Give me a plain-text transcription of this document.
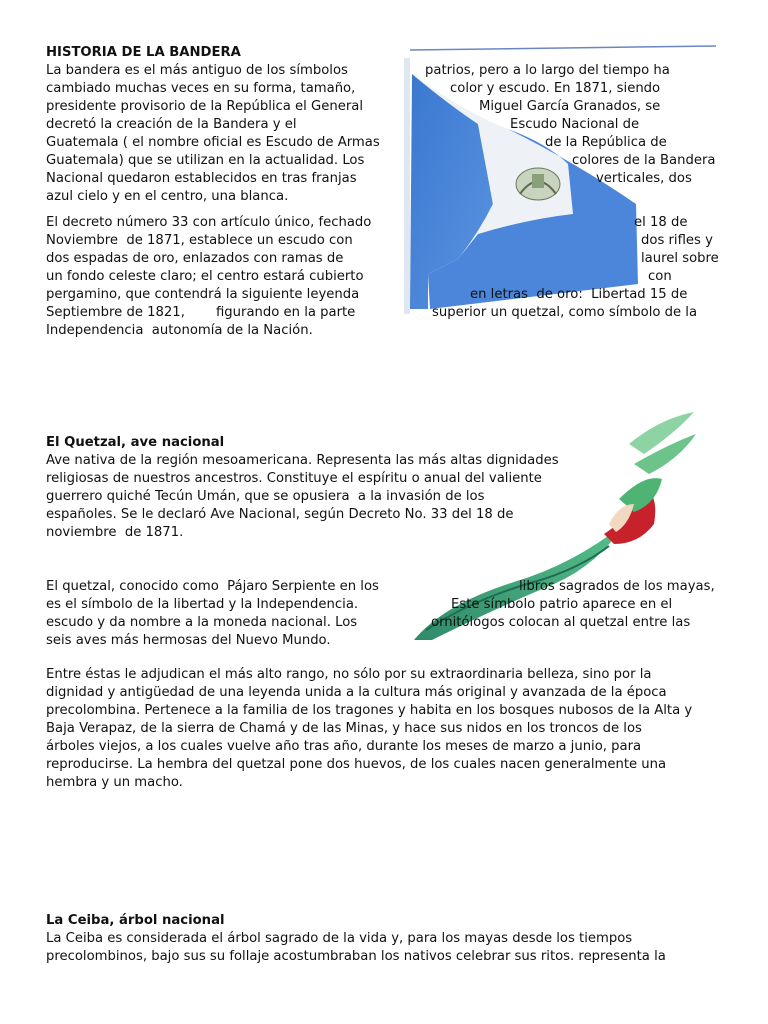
HISTORIA DE LA BANDERA
La bandera es el más antiguo de los símbolos
cambiado muchas veces en su forma, tamaño,
presidente provisorio de la República el General
decretó la creación de la Bandera y el
Guatemala ( el nombre oficial es Escudo de Armas
Guatemala) que se utilizan en la actualidad. Los
Nacional quedaron establecidos en tras franjas
azul cielo y en el centro, una blanca.
patrios, pero a lo largo del tiempo ha
color y escudo. En 1871, siendo
Miguel García Granados, se
Escudo Nacional de
de la República de
colores de la Bandera
verticales, dos
El decreto número 33 con artículo único, fechado
Noviembre  de 1871, establece un escudo con
dos espadas de oro, enlazados con ramas de
un fondo celeste claro; el centro estará cubierto
pergamino, que contendrá la siguiente leyenda
Septiembre de 1821,
Independencia  autonomía de la Nación.
el 18 de
dos rifles y
laurel sobre
con
en letras  de oro:  Libertad 15 de
figurando en la parte	superior un quetzal, como símbolo de la
El Quetzal, ave nacional
Ave nativa de la región mesoamericana. Representa las más altas dignidades
religiosas de nuestros ancestros. Constituye el espíritu o anual del valiente
guerrero quiché Tecún Umán, que se opusiera  a la invasión de los
españoles. Se le declaró Ave Nacional, según Decreto No. 33 del 18 de
noviembre  de 1871.
El quetzal, conocido como  Pájaro Serpiente en los
es el símbolo de la libertad y la Independencia.
escudo y da nombre a la moneda nacional. Los
seis aves más hermosas del Nuevo Mundo.
libros sagrados de los mayas,
Este símbolo patrio aparece en el
ornitólogos colocan al quetzal entre las
Entre éstas le adjudican el más alto rango, no sólo por su extraordinaria belleza, sino por la
dignidad y antigüedad de una leyenda unida a la cultura más original y avanzada de la época
precolombina. Pertenece a la familia de los tragones y habita en los bosques nubosos de la Alta y
Baja Verapaz, de la sierra de Chamá y de las Minas, y hace sus nidos en los troncos de los
árboles viejos, a los cuales vuelve año tras año, durante los meses de marzo a junio, para
reproducirse. La hembra del quetzal pone dos huevos, de los cuales nacen generalmente una
hembra y un macho.
La Ceiba, árbol nacional
La Ceiba es considerada el árbol sagrado de la vida y, para los mayas desde los tiempos
precolombinos, bajo sus su follaje acostumbraban los nativos celebrar sus ritos. representa la
